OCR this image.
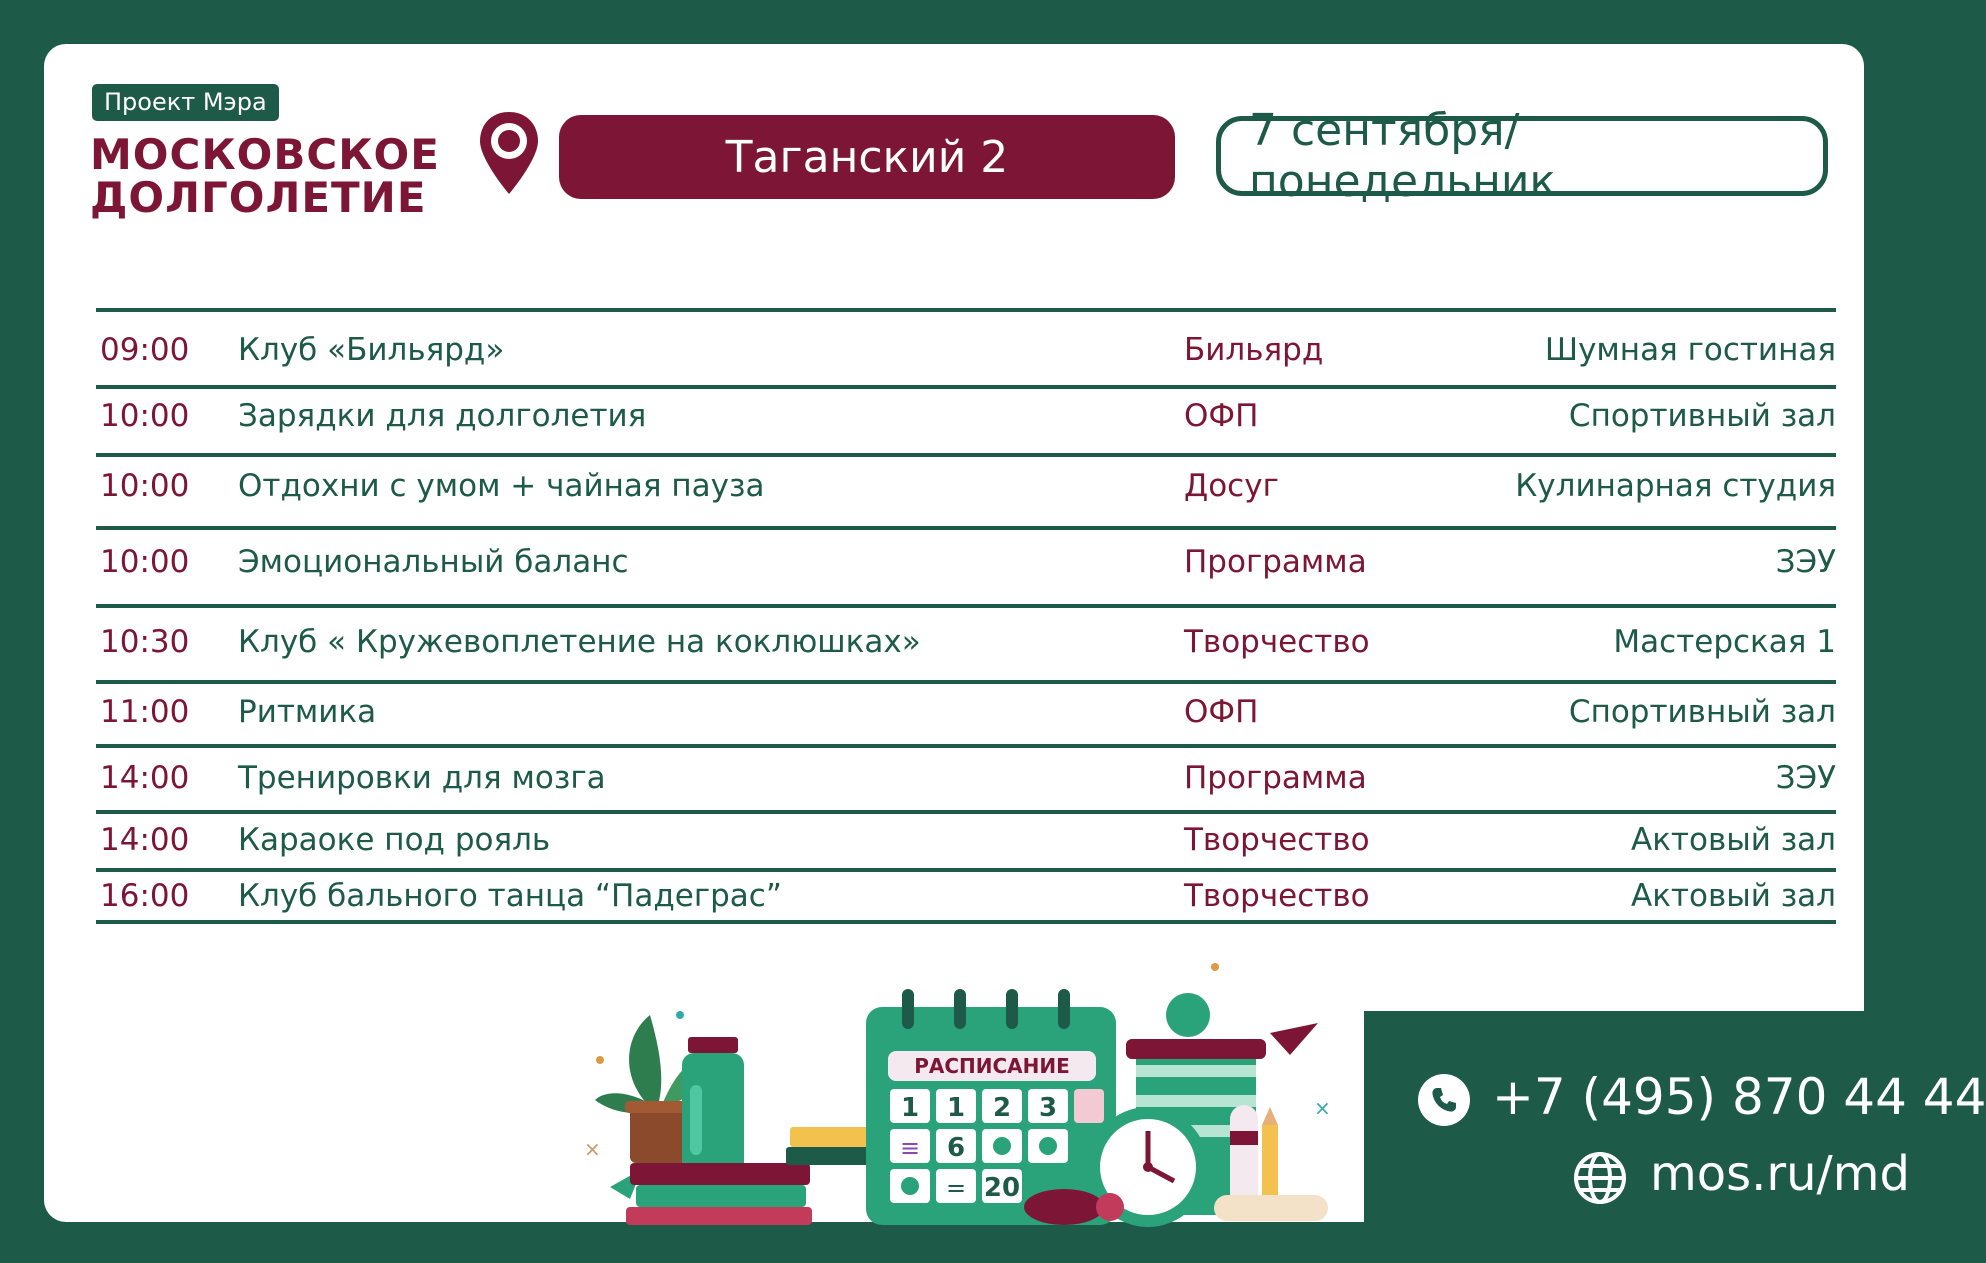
Проект Мэра
МОСКОВСКОЕ
ДОЛГОЛЕТИЕ
Таганский 2
7 сентября/ понедельник
09:00 Клуб «Бильярд»	Бильярд	Шумная гостиная
10:00 Зарядки для долголетия	ОФП	Спортивный зал
10:00 Отдохни с умом + чайная пауза	Досуг	Кулинарная студия
10:00 Эмоциональный баланс	Программа	ЗЭУ
10:30 Клуб « Кружевоплетение на коклюшках»	Творчество	Мастерская 1
11:00 Ритмика	ОФП	Спортивный зал
14:00 Тренировки для мозга	Программа	ЗЭУ
14:00 Караоке под рояль	Творчество	Актовый зал
16:00 Клуб бального танца “Падеграс”	Творчество	Актовый зал
×
×
РАСПИСАНИЕ
1 1 2 3
6
20
≡
=
+7 (495) 870 44 44
mos.ru/md
